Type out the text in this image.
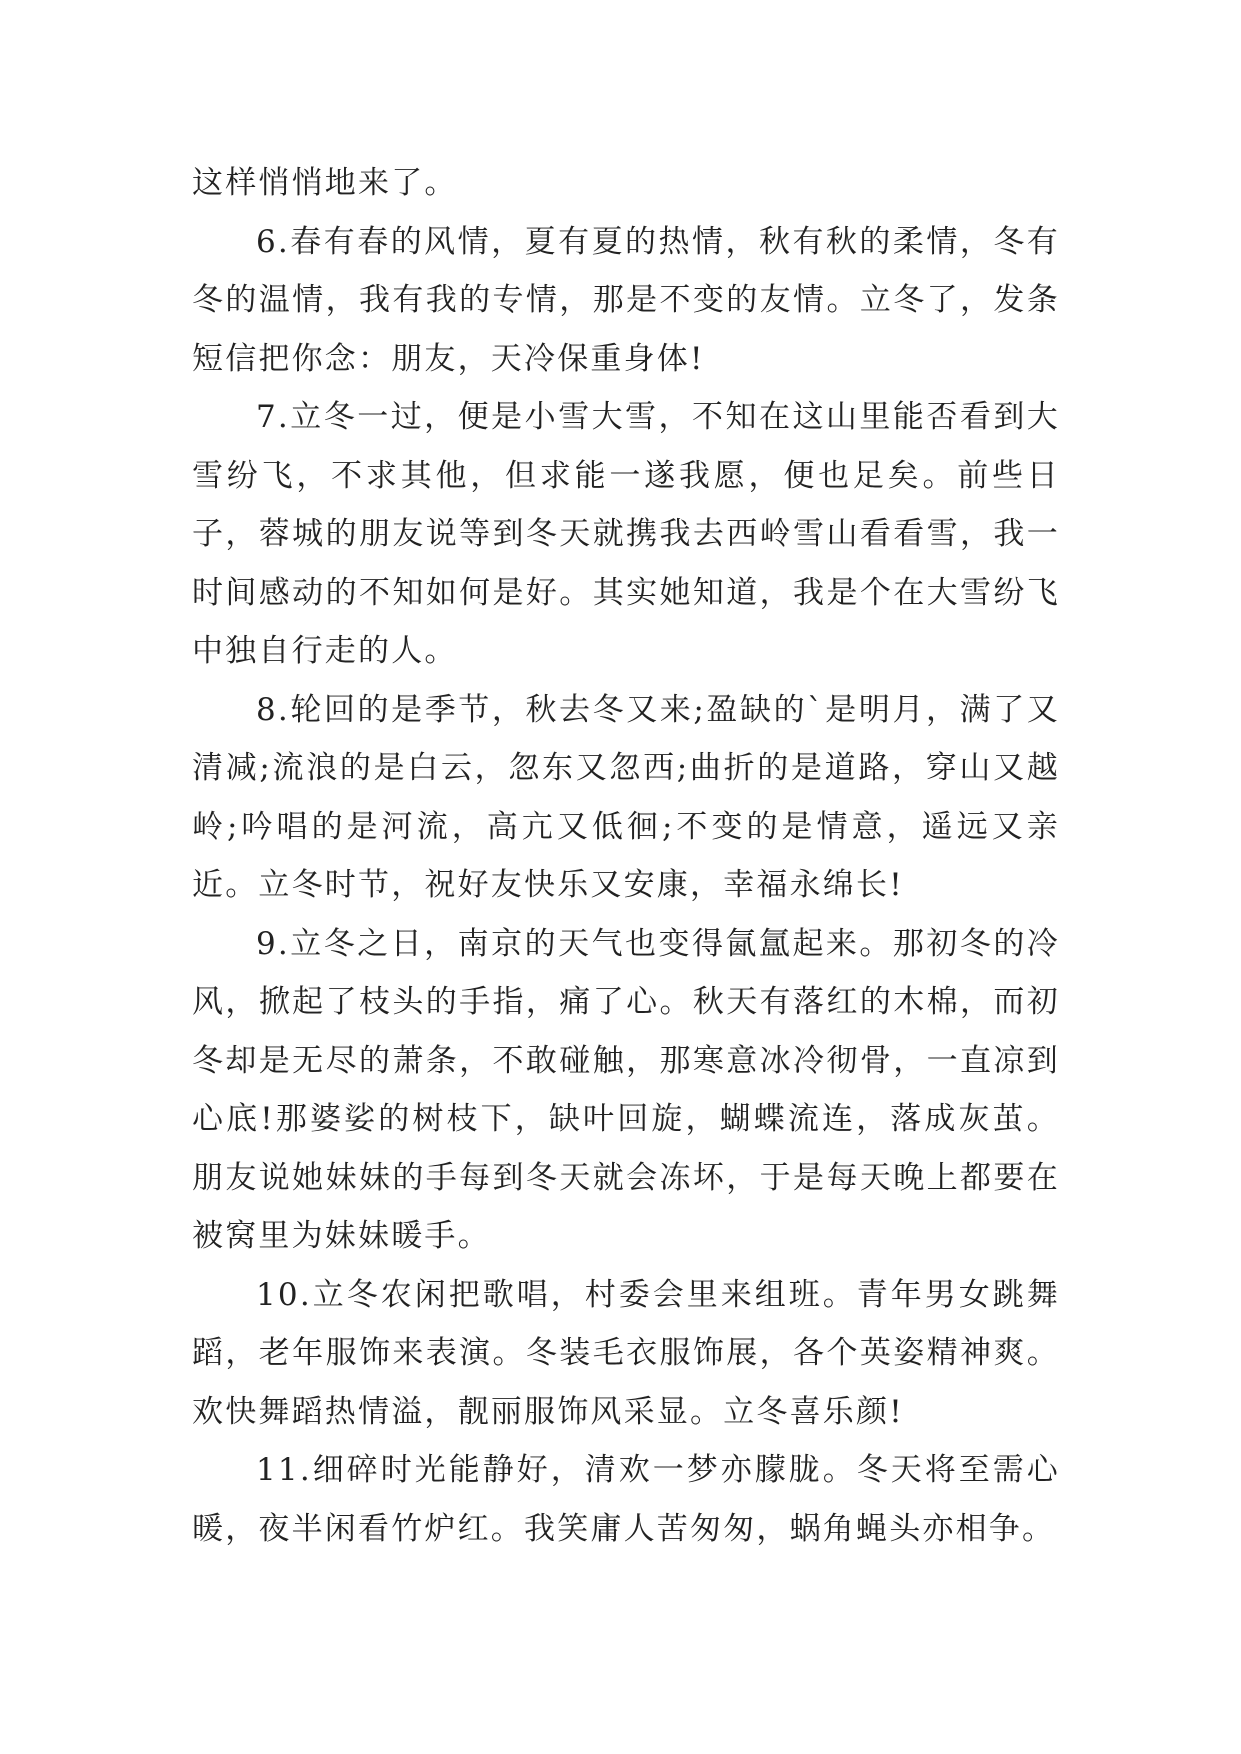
这样悄悄地来了。

6.春有春的风情，夏有夏的热情，秋有秋的柔情，冬有冬的温情，我有我的专情，那是不变的友情。立冬了，发条短信把你念：朋友，天冷保重身体!

7.立冬一过，便是小雪大雪，不知在这山里能否看到大雪纷飞，不求其他，但求能一遂我愿，便也足矣。前些日子，蓉城的朋友说等到冬天就携我去西岭雪山看看雪，我一时间感动的不知如何是好。其实她知道，我是个在大雪纷飞中独自行走的人。

8.轮回的是季节，秋去冬又来;盈缺的`是明月，满了又清减;流浪的是白云，忽东又忽西;曲折的是道路，穿山又越岭;吟唱的是河流，高亢又低徊;不变的是情意，遥远又亲近。立冬时节，祝好友快乐又安康，幸福永绵长!

9.立冬之日，南京的天气也变得氤氲起来。那初冬的冷风，掀起了枝头的手指，痛了心。秋天有落红的木棉，而初冬却是无尽的萧条，不敢碰触，那寒意冰冷彻骨，一直凉到心底!那婆娑的树枝下，缺叶回旋，蝴蝶流连，落成灰茧。朋友说她妹妹的手每到冬天就会冻坏，于是每天晚上都要在被窝里为妹妹暖手。

10.立冬农闲把歌唱，村委会里来组班。青年男女跳舞蹈，老年服饰来表演。冬装毛衣服饰展，各个英姿精神爽。欢快舞蹈热情溢，靓丽服饰风采显。立冬喜乐颜!

11.细碎时光能静好，清欢一梦亦朦胧。冬天将至需心暖，夜半闲看竹炉红。我笑庸人苦匆匆，蜗角蝇头亦相争。
